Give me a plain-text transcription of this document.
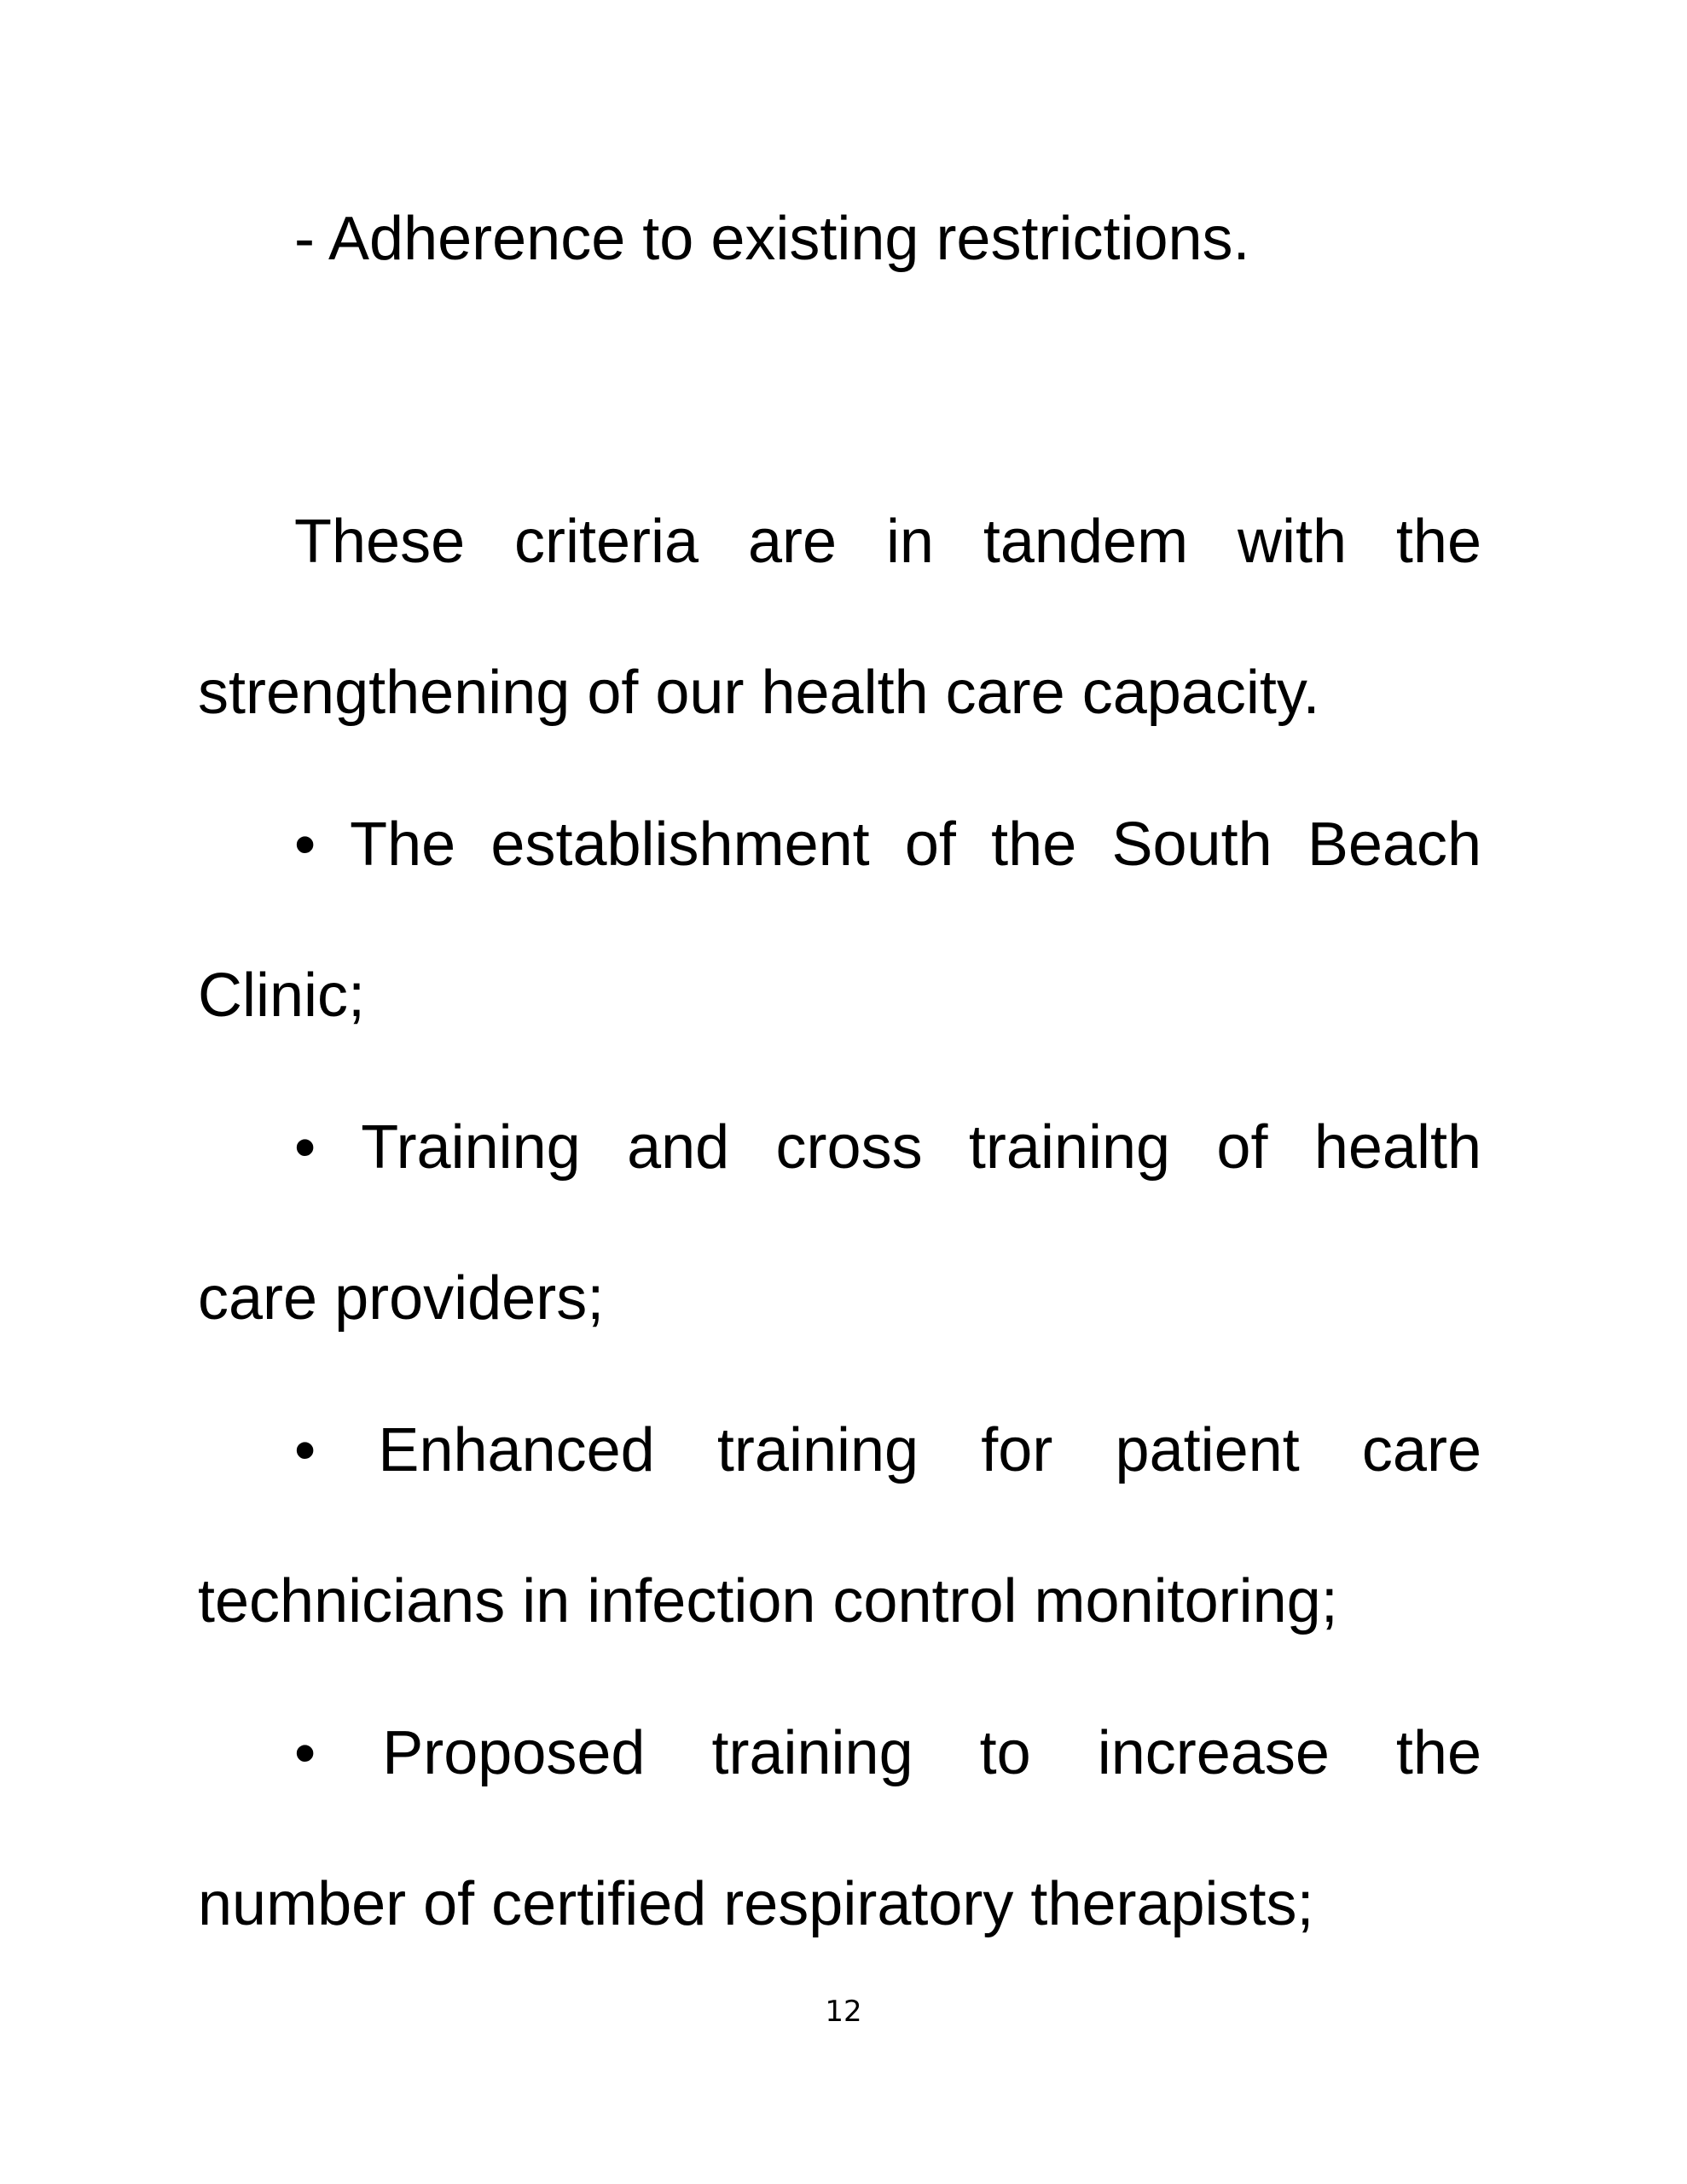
- Adherence to existing restrictions.
These criteria are in tandem with the
strengthening of our health care capacity.
• The establishment of the South Beach
Clinic;
• Training and cross training of health
care providers;
• Enhanced training for patient care
technicians in infection control monitoring;
• Proposed training to increase the
number of certified respiratory therapists;
12
